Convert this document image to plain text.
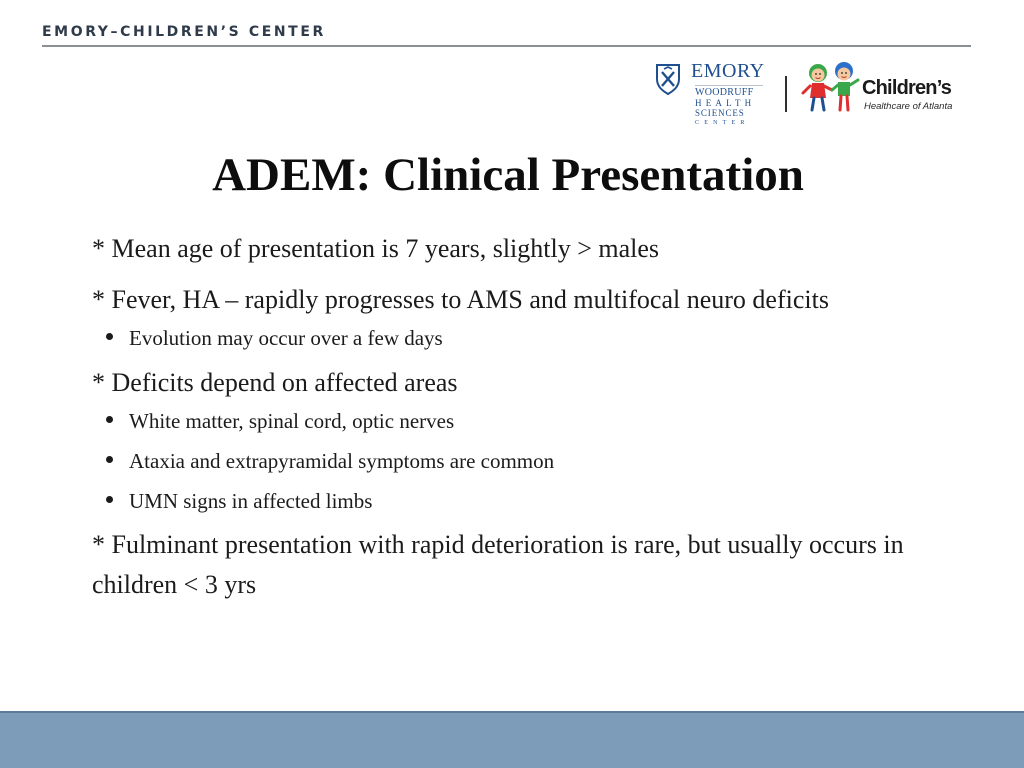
EMORY–CHILDREN’S CENTER
EMORY
WOODRUFF
HEALTH
SCIENCES
CENTER
Children’s
Healthcare of Atlanta
ADEM: Clinical Presentation
* Mean age of presentation is 7 years, slightly > males
* Fever, HA – rapidly progresses to AMS and multifocal neuro deficits
Evolution may occur over a few days
* Deficits depend on affected areas
White matter, spinal cord, optic nerves
Ataxia and extrapyramidal symptoms are common
UMN signs in affected limbs
* Fulminant presentation with rapid deterioration is rare, but usually occurs in children < 3 yrs
